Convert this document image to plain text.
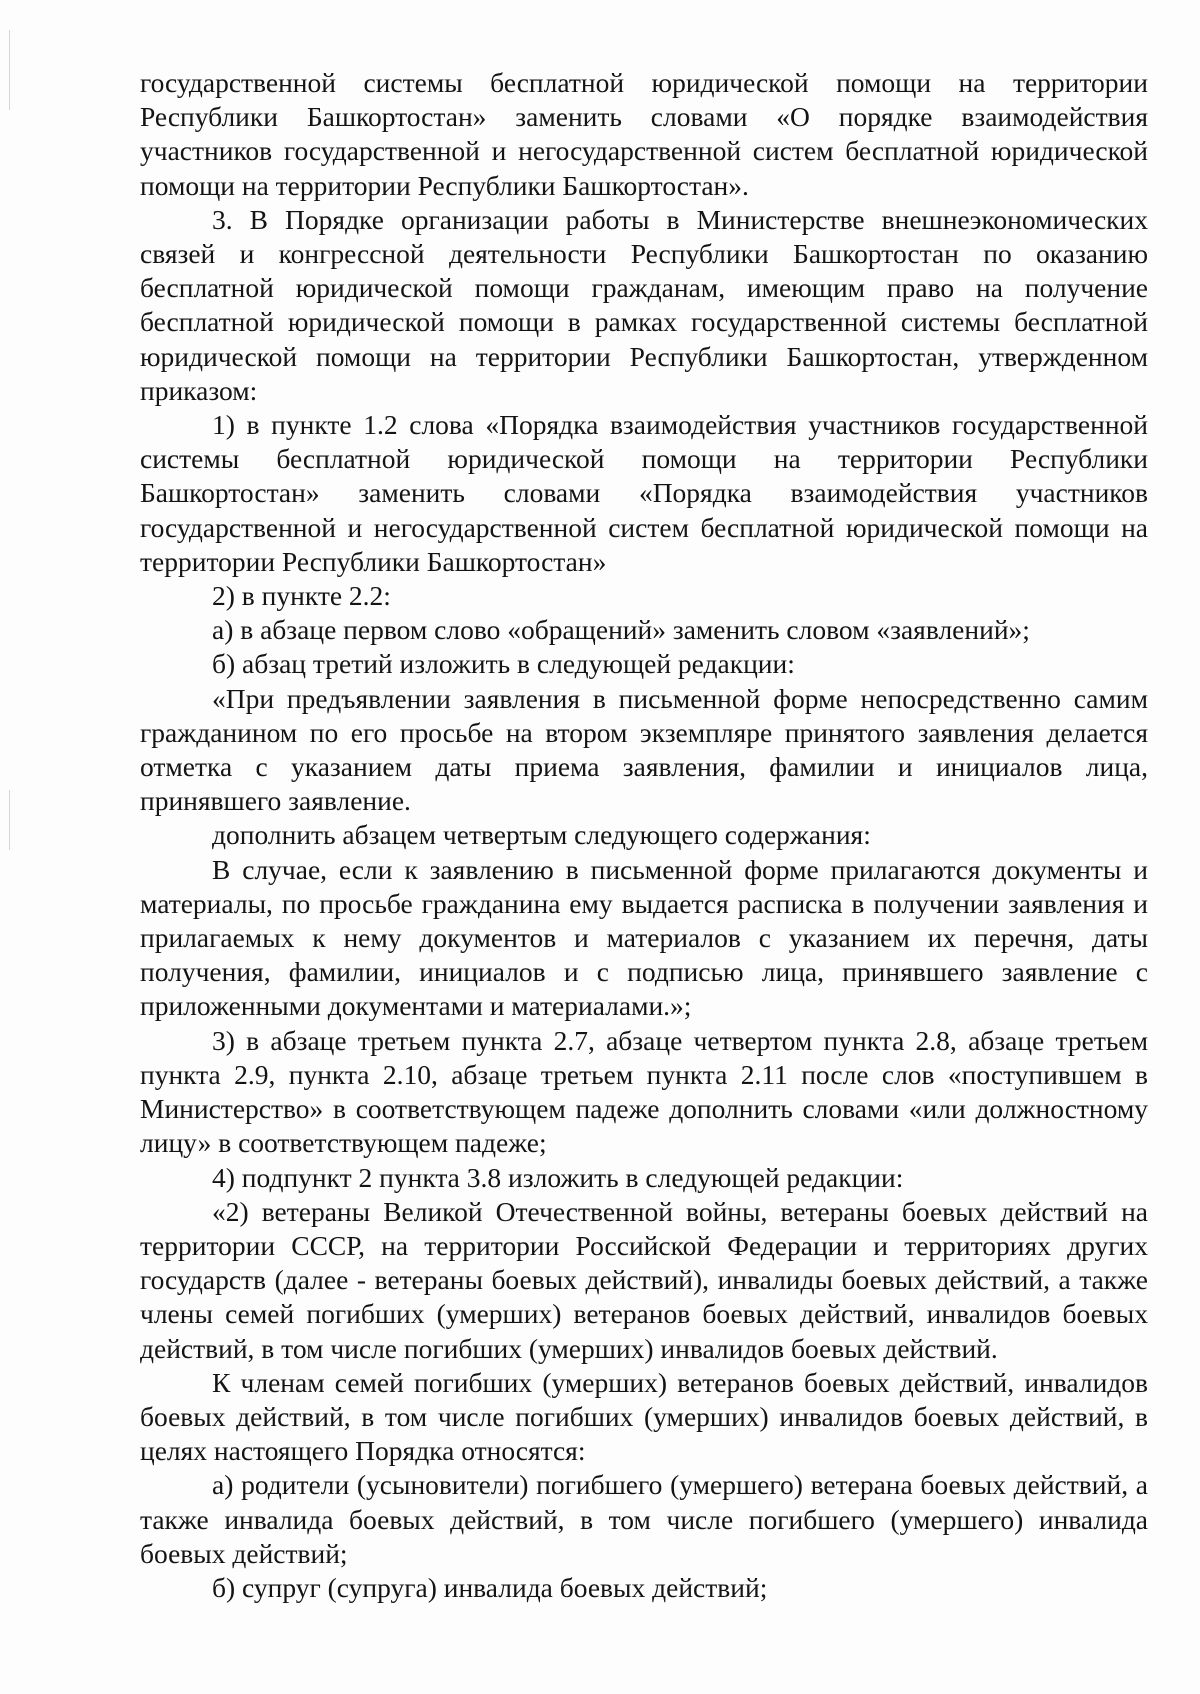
государственной системы бесплатной юридической помощи на территории Республики Башкортостан» заменить словами «О порядке взаимодействия участников государственной и негосударственной систем бесплатной юридической помощи на территории Республики Башкортостан».
3. В Порядке организации работы в Министерстве внешнеэкономических связей и конгрессной деятельности Республики Башкортостан по оказанию бесплатной юридической помощи гражданам, имеющим право на получение бесплатной юридической помощи в рамках государственной системы бесплатной юридической помощи на территории Республики Башкортостан, утвержденном приказом:
1) в пункте 1.2 слова «Порядка взаимодействия участников государственной системы бесплатной юридической помощи на территории Республики Башкортостан» заменить словами «Порядка взаимодействия участников государственной и негосударственной систем бесплатной юридической помощи на территории Республики Башкортостан»
2) в пункте 2.2:
а) в абзаце первом слово «обращений» заменить словом «заявлений»;
б) абзац третий изложить в следующей редакции:
«При предъявлении заявления в письменной форме непосредственно самим гражданином по его просьбе на втором экземпляре принятого заявления делается отметка с указанием даты приема заявления, фамилии и инициалов лица, принявшего заявление.
дополнить абзацем четвертым следующего содержания:
В случае, если к заявлению в письменной форме прилагаются документы и материалы, по просьбе гражданина ему выдается расписка в получении заявления и прилагаемых к нему документов и материалов с указанием их перечня, даты получения, фамилии, инициалов и с подписью лица, принявшего заявление с приложенными документами и материалами.»;
3) в абзаце третьем пункта 2.7, абзаце четвертом пункта 2.8, абзаце третьем пункта 2.9, пункта 2.10, абзаце третьем пункта 2.11 после слов «поступившем в Министерство» в соответствующем падеже дополнить словами «или должностному лицу» в соответствующем падеже;
4) подпункт 2 пункта 3.8 изложить в следующей редакции:
«2) ветераны Великой Отечественной войны, ветераны боевых действий на территории СССР, на территории Российской Федерации и территориях других государств (далее - ветераны боевых действий), инвалиды боевых действий, а также члены семей погибших (умерших) ветеранов боевых действий, инвалидов боевых действий, в том числе погибших (умерших) инвалидов боевых действий.
К членам семей погибших (умерших) ветеранов боевых действий, инвалидов боевых действий, в том числе погибших (умерших) инвалидов боевых действий, в целях настоящего Порядка относятся:
а) родители (усыновители) погибшего (умершего) ветерана боевых действий, а также инвалида боевых действий, в том числе погибшего (умершего) инвалида боевых действий;
б) супруг (супруга) инвалида боевых действий;
